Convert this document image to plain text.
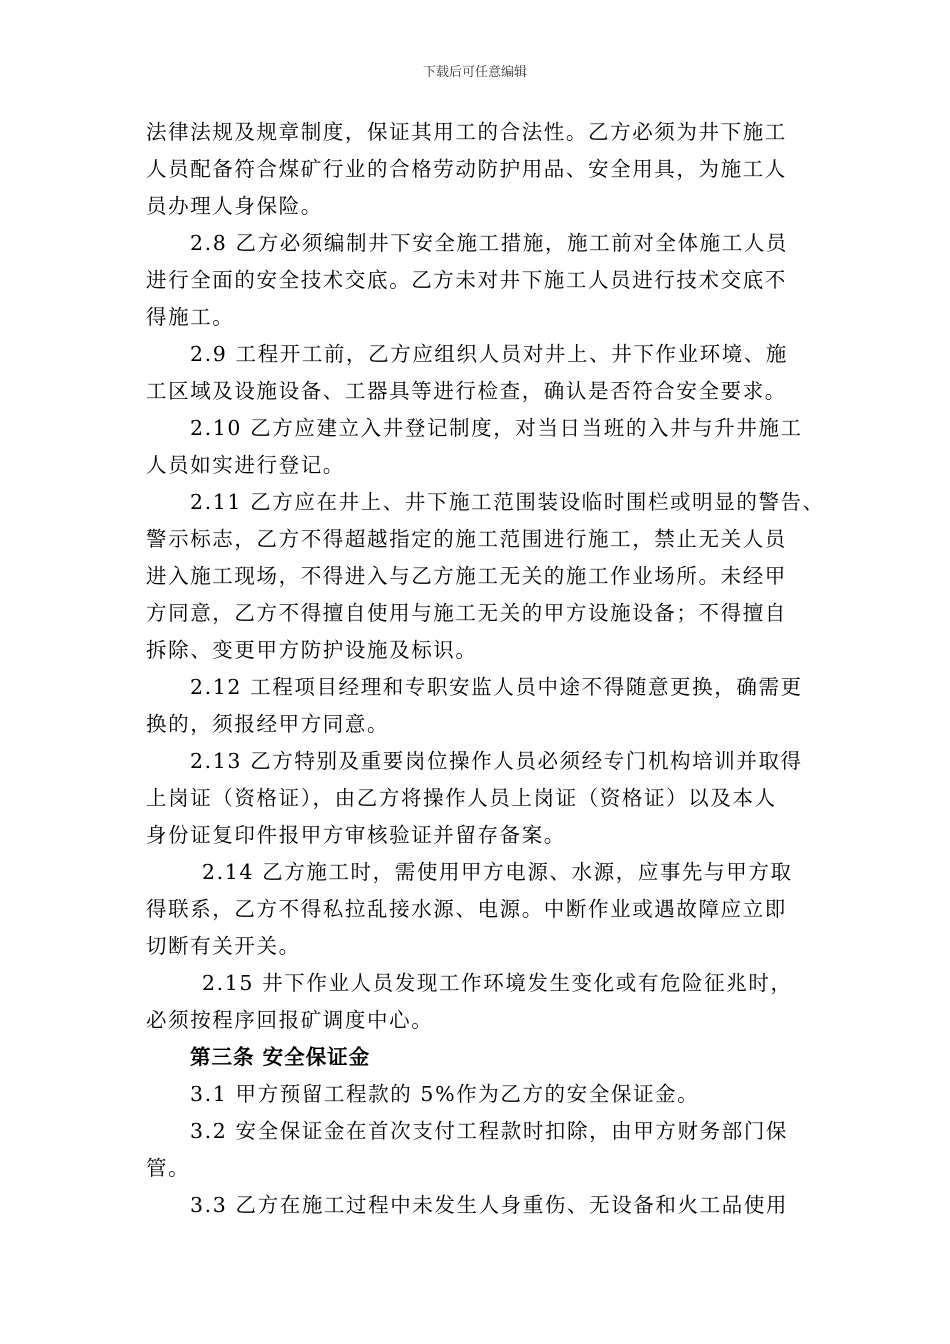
下载后可任意编辑
法律法规及规章制度，保证其用工的合法性。乙方必须为井下施工
人员配备符合煤矿行业的合格劳动防护用品、安全用具，为施工人
员办理人身保险。
2.8 乙方必须编制井下安全施工措施，施工前对全体施工人员
进行全面的安全技术交底。乙方未对井下施工人员进行技术交底不
得施工。
2.9 工程开工前，乙方应组织人员对井上、井下作业环境、施
工区域及设施设备、工器具等进行检查，确认是否符合安全要求。
2.10 乙方应建立入井登记制度，对当日当班的入井与升井施工
人员如实进行登记。
2.11 乙方应在井上、井下施工范围装设临时围栏或明显的警告、
警示标志，乙方不得超越指定的施工范围进行施工，禁止无关人员
进入施工现场，不得进入与乙方施工无关的施工作业场所。未经甲
方同意，乙方不得擅自使用与施工无关的甲方设施设备；不得擅自
拆除、变更甲方防护设施及标识。
2.12 工程项目经理和专职安监人员中途不得随意更换，确需更
换的，须报经甲方同意。
2.13 乙方特别及重要岗位操作人员必须经专门机构培训并取得
上岗证（资格证），由乙方将操作人员上岗证（资格证）以及本人
身份证复印件报甲方审核验证并留存备案。
2.14 乙方施工时，需使用甲方电源、水源，应事先与甲方取
得联系，乙方不得私拉乱接水源、电源。中断作业或遇故障应立即
切断有关开关。
2.15 井下作业人员发现工作环境发生变化或有危险征兆时，
必须按程序回报矿调度中心。
第三条 安全保证金
3.1 甲方预留工程款的 5%作为乙方的安全保证金。
3.2 安全保证金在首次支付工程款时扣除，由甲方财务部门保
管。
3.3 乙方在施工过程中未发生人身重伤、无设备和火工品使用
